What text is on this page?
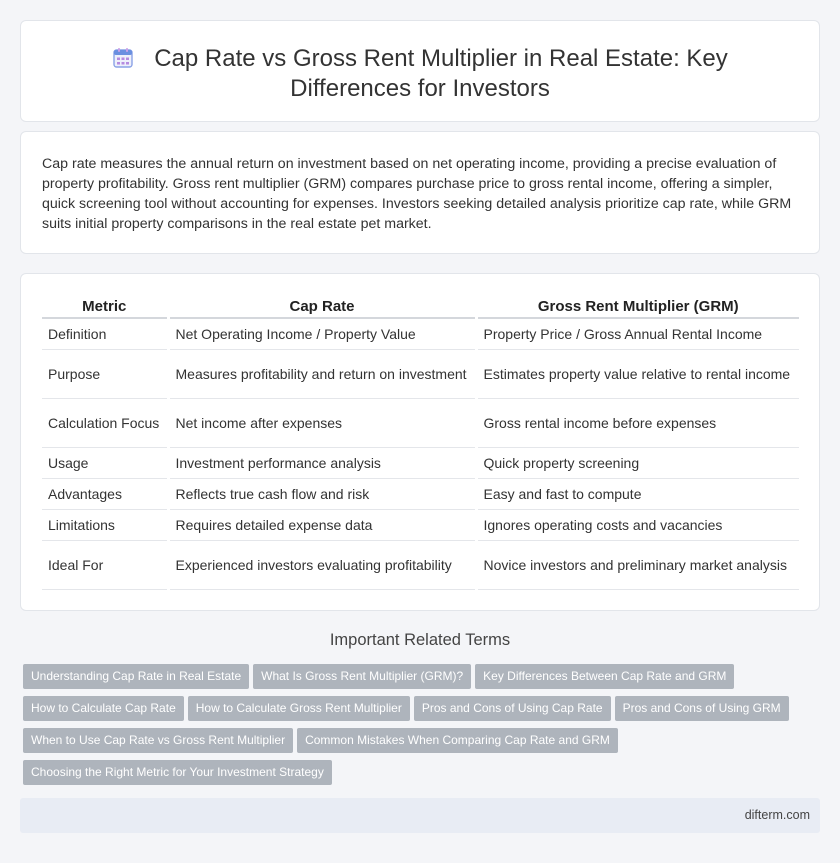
Cap Rate vs Gross Rent Multiplier in Real Estate: Key Differences for Investors

Cap rate measures the annual return on investment based on net operating income, providing a precise evaluation of property profitability. Gross rent multiplier (GRM) compares purchase price to gross rental income, offering a simpler, quick screening tool without accounting for expenses. Investors seeking detailed analysis prioritize cap rate, while GRM suits initial property comparisons in the real estate pet market.

Metric	Cap Rate	Gross Rent Multiplier (GRM)
Definition	Net Operating Income / Property Value	Property Price / Gross Annual Rental Income
Purpose	Measures profitability and return on investment	Estimates property value relative to rental income
Calculation Focus	Net income after expenses	Gross rental income before expenses
Usage	Investment performance analysis	Quick property screening
Advantages	Reflects true cash flow and risk	Easy and fast to compute
Limitations	Requires detailed expense data	Ignores operating costs and vacancies
Ideal For	Experienced investors evaluating profitability	Novice investors and preliminary market analysis
Important Related Terms
Understanding Cap Rate in Real Estate What Is Gross Rent Multiplier (GRM)? Key Differences Between Cap Rate and GRM
How to Calculate Cap Rate How to Calculate Gross Rent Multiplier Pros and Cons of Using Cap Rate Pros and Cons of Using GRM
When to Use Cap Rate vs Gross Rent Multiplier Common Mistakes When Comparing Cap Rate and GRM
Choosing the Right Metric for Your Investment Strategy
difterm.com
